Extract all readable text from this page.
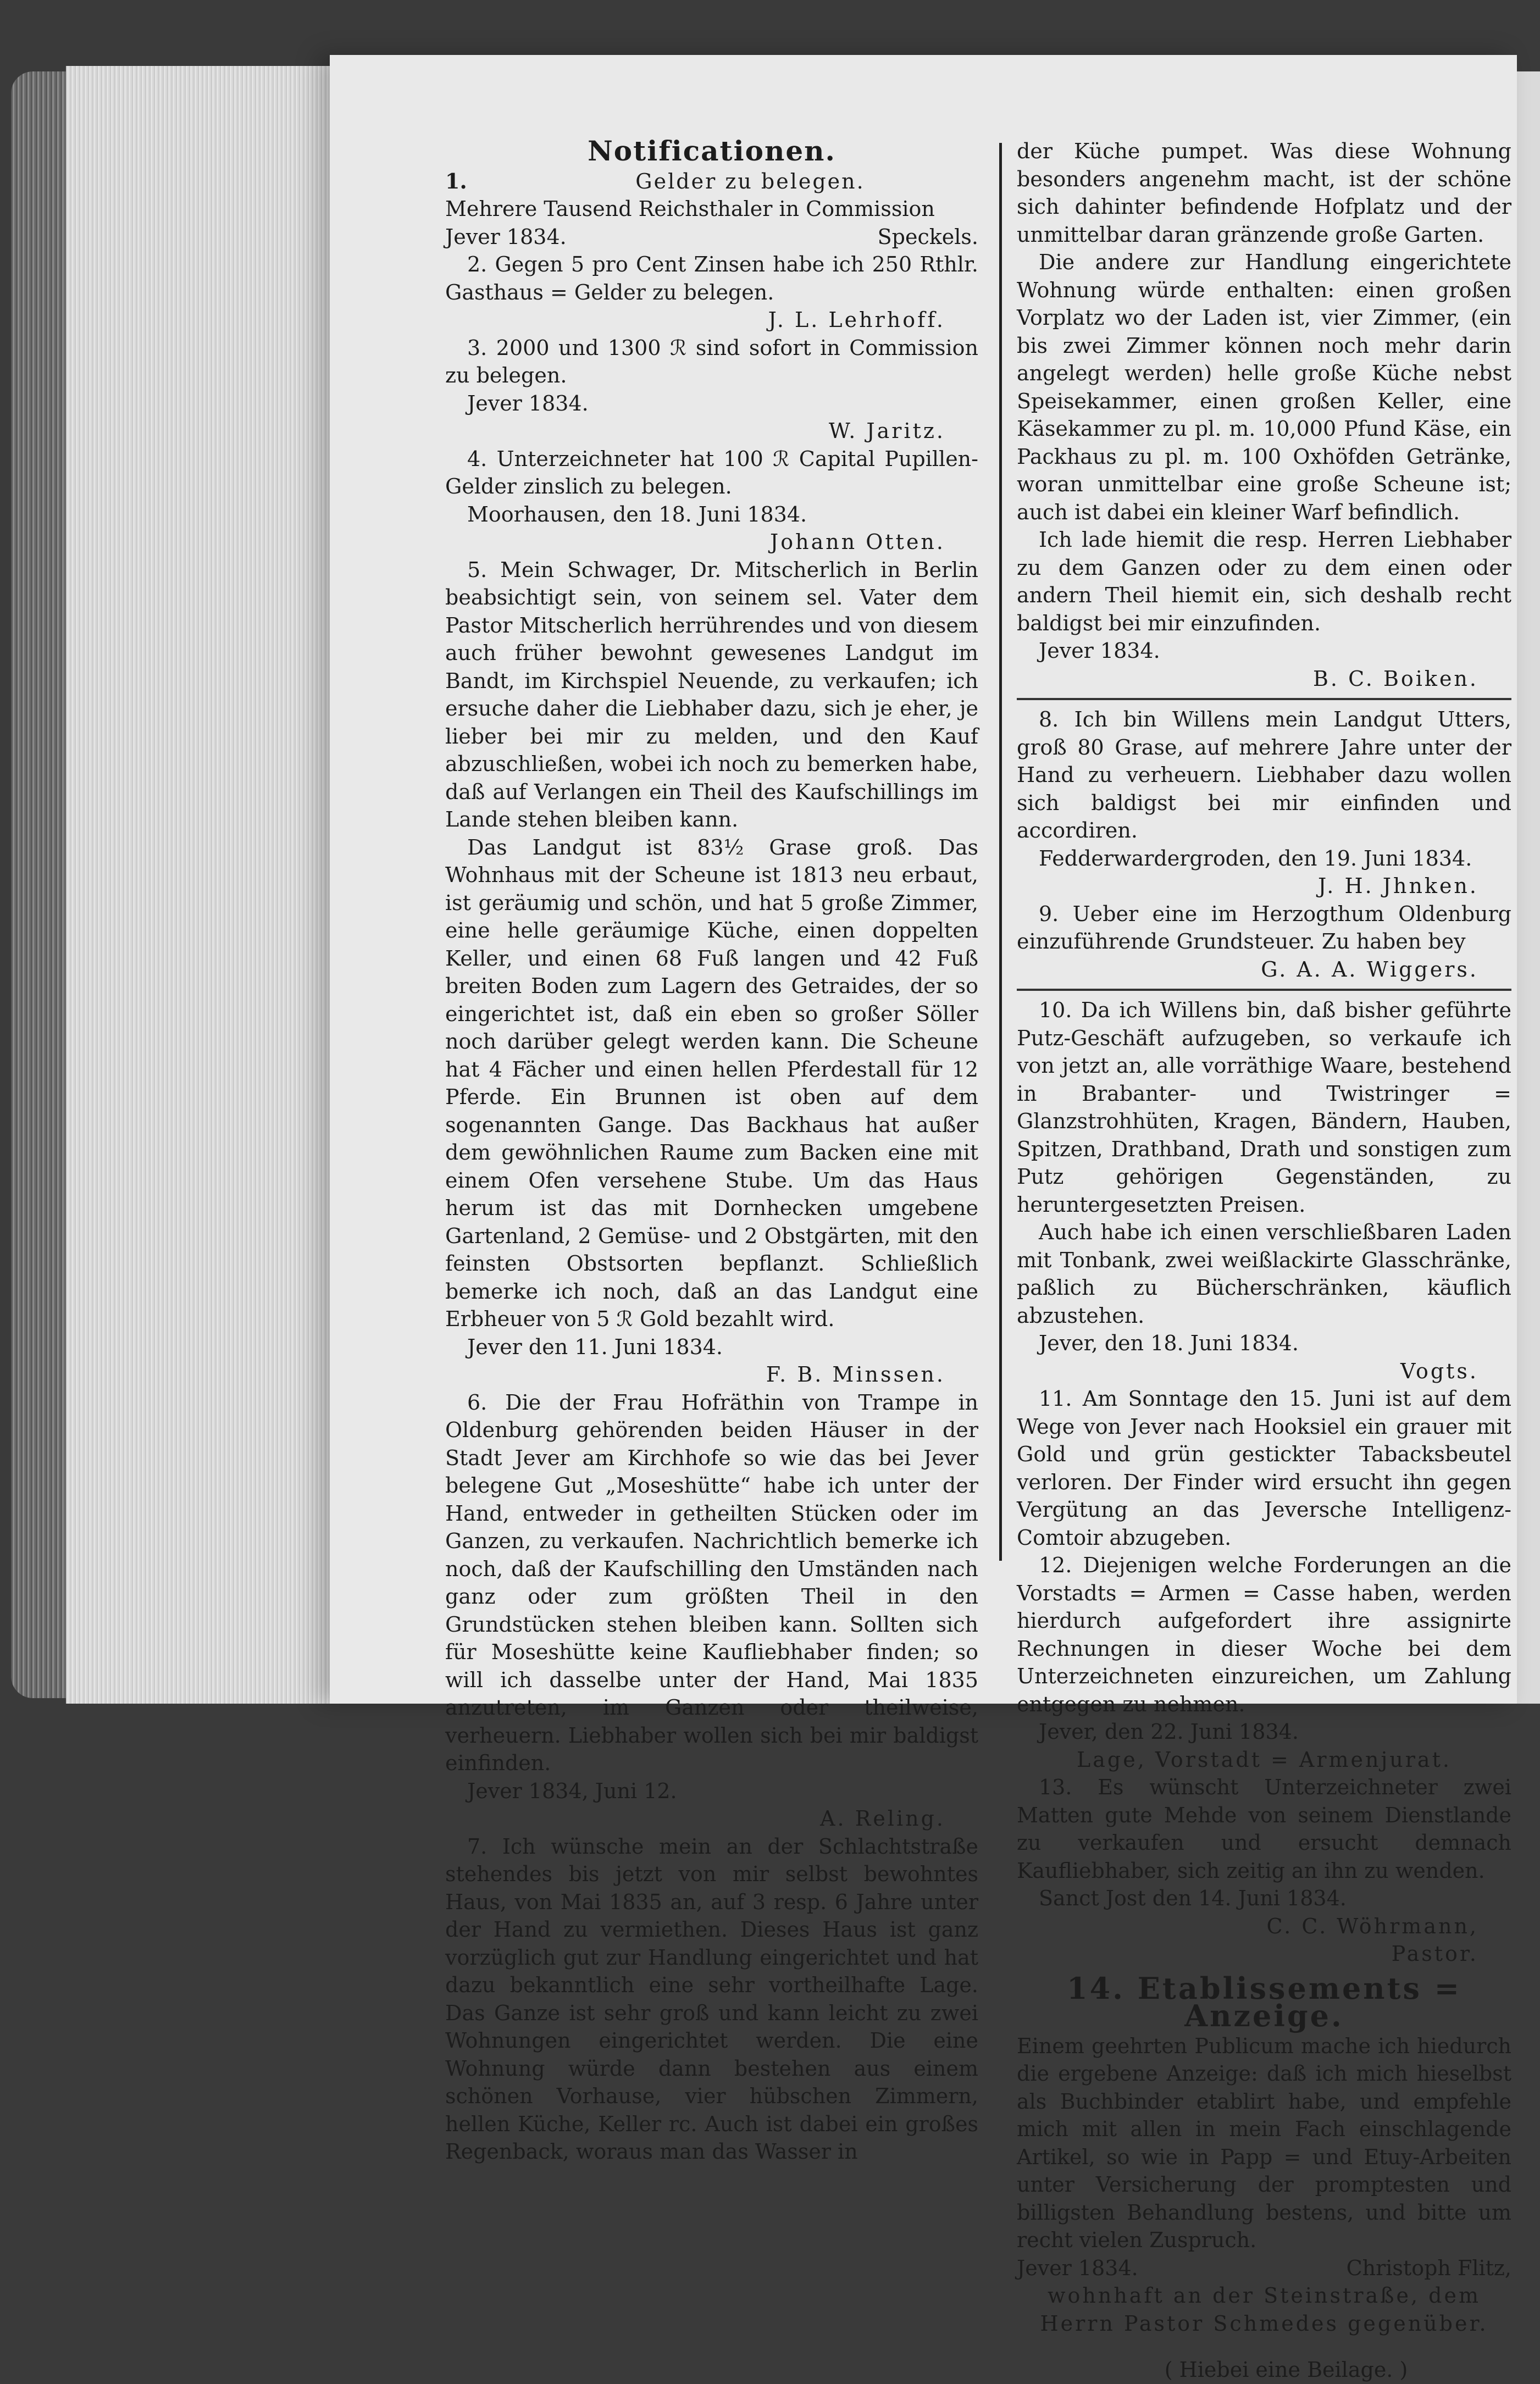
Notificationen.
1.	Gelder zu belegen.

Mehrere Tausend Reichsthaler in Commission

Jever 1834.	Speckels.

2. Gegen 5 pro Cent Zinsen habe ich 250 Rthlr. Gasthaus = Gelder zu belegen.

J. L. Lehrhoff.

3. 2000 und 1300 ℛ sind sofort in Commission zu belegen.

Jever 1834.

W. Jaritz.

4. Unterzeichneter hat 100 ℛ Capital Pupillen-Gelder zinslich zu belegen.

Moorhausen, den 18. Juni 1834.

Johann Otten.

5. Mein Schwager, Dr. Mitscherlich in Berlin beabsichtigt sein, von seinem sel. Vater dem Pastor Mitscherlich herrührendes und von diesem auch früher bewohnt gewesenes Landgut im Bandt, im Kirchspiel Neuende, zu verkaufen; ich ersuche daher die Liebhaber dazu, sich je eher, je lieber bei mir zu melden, und den Kauf abzuschließen, wobei ich noch zu bemerken habe, daß auf Verlangen ein Theil des Kaufschillings im Lande stehen bleiben kann.

Das Landgut ist 83½ Grase groß. Das Wohnhaus mit der Scheune ist 1813 neu erbaut, ist geräumig und schön, und hat 5 große Zimmer, eine helle geräumige Küche, einen doppelten Keller, und einen 68 Fuß langen und 42 Fuß breiten Boden zum Lagern des Getraides, der so eingerichtet ist, daß ein eben so großer Söller noch darüber gelegt werden kann. Die Scheune hat 4 Fächer und einen hellen Pferdestall für 12 Pferde. Ein Brunnen ist oben auf dem sogenannten Gange. Das Backhaus hat außer dem gewöhnlichen Raume zum Backen eine mit einem Ofen versehene Stube. Um das Haus herum ist das mit Dornhecken umgebene Gartenland, 2 Gemüse- und 2 Obstgärten, mit den feinsten Obstsorten bepflanzt. Schließlich bemerke ich noch, daß an das Landgut eine Erbheuer von 5 ℛ Gold bezahlt wird.

Jever den 11. Juni 1834.

F. B. Minssen.

6. Die der Frau Hofräthin von Trampe in Oldenburg gehörenden beiden Häuser in der Stadt Jever am Kirchhofe so wie das bei Jever belegene Gut „Moseshütte“ habe ich unter der Hand, entweder in getheilten Stücken oder im Ganzen, zu verkaufen. Nachrichtlich bemerke ich noch, daß der Kaufschilling den Umständen nach ganz oder zum größten Theil in den Grundstücken stehen bleiben kann. Sollten sich für Moseshütte keine Kaufliebhaber finden; so will ich dasselbe unter der Hand, Mai 1835 anzutreten, im Ganzen oder theilweise, verheuern. Liebhaber wollen sich bei mir baldigst einfinden.

Jever 1834, Juni 12.

A. Reling.

7. Ich wünsche mein an der Schlachtstraße stehendes bis jetzt von mir selbst bewohntes Haus, von Mai 1835 an, auf 3 resp. 6 Jahre unter der Hand zu vermiethen. Dieses Haus ist ganz vorzüglich gut zur Handlung eingerichtet und hat dazu bekanntlich eine sehr vortheilhafte Lage. Das Ganze ist sehr groß und kann leicht zu zwei Wohnungen eingerichtet werden. Die eine Wohnung würde dann bestehen aus einem schönen Vorhause, vier hübschen Zimmern, hellen Küche, Keller rc. Auch ist dabei ein großes Regenback, woraus man das Wasser in

der Küche pumpet. Was diese Wohnung besonders angenehm macht, ist der schöne sich dahinter befindende Hofplatz und der unmittelbar daran gränzende große Garten.

Die andere zur Handlung eingerichtete Wohnung würde enthalten: einen großen Vorplatz wo der Laden ist, vier Zimmer, (ein bis zwei Zimmer können noch mehr darin angelegt werden) helle große Küche nebst Speisekammer, einen großen Keller, eine Käsekammer zu pl. m. 10,000 Pfund Käse, ein Packhaus zu pl. m. 100 Oxhöfden Getränke, woran unmittelbar eine große Scheune ist; auch ist dabei ein kleiner Warf befindlich.

Ich lade hiemit die resp. Herren Liebhaber zu dem Ganzen oder zu dem einen oder andern Theil hiemit ein, sich deshalb recht baldigst bei mir einzufinden.

Jever 1834.

B. C. Boiken.

8. Ich bin Willens mein Landgut Utters, groß 80 Grase, auf mehrere Jahre unter der Hand zu verheuern. Liebhaber dazu wollen sich baldigst bei mir einfinden und accordiren.

Fedderwardergroden, den 19. Juni 1834.

J. H. Jhnken.

9. Ueber eine im Herzogthum Oldenburg einzuführende Grundsteuer. Zu haben bey

G. A. A. Wiggers.

10. Da ich Willens bin, daß bisher geführte Putz-Geschäft aufzugeben, so verkaufe ich von jetzt an, alle vorräthige Waare, bestehend in Brabanter- und Twistringer = Glanzstrohhüten, Kragen, Bändern, Hauben, Spitzen, Drathband, Drath und sonstigen zum Putz gehörigen Gegenständen, zu heruntergesetzten Preisen.

Auch habe ich einen verschließbaren Laden mit Tonbank, zwei weißlackirte Glasschränke, paßlich zu Bücherschränken, käuflich abzustehen.

Jever, den 18. Juni 1834.

Vogts.

11. Am Sonntage den 15. Juni ist auf dem Wege von Jever nach Hooksiel ein grauer mit Gold und grün gestickter Tabacksbeutel verloren. Der Finder wird ersucht ihn gegen Vergütung an das Jeversche Intelligenz-Comtoir abzugeben.

12. Diejenigen welche Forderungen an die Vorstadts = Armen = Casse haben, werden hierdurch aufgefordert ihre assignirte Rechnungen in dieser Woche bei dem Unterzeichneten einzureichen, um Zahlung entgegen zu nehmen.

Jever, den 22. Juni 1834.

Lage, Vorstadt = Armenjurat.

13. Es wünscht Unterzeichneter zwei Matten gute Mehde von seinem Dienstlande zu verkaufen und ersucht demnach Kaufliebhaber, sich zeitig an ihn zu wenden.

Sanct Jost den 14. Juni 1834.

C. C. Wöhrmann,
Pastor.
14. Etablissements = Anzeige.

Einem geehrten Publicum mache ich hiedurch die ergebene Anzeige: daß ich mich hieselbst als Buchbinder etablirt habe, und empfehle mich mit allen in mein Fach einschlagende Artikel, so wie in Papp = und Etuy-Arbeiten unter Versicherung der promptesten und billigsten Behandlung bestens, und bitte um recht vielen Zuspruch.

Jever 1834.	Christoph Flitz,
wohnhaft an der Steinstraße, dem Herrn Pastor Schmedes gegenüber.
( Hiebei eine Beilage. )
